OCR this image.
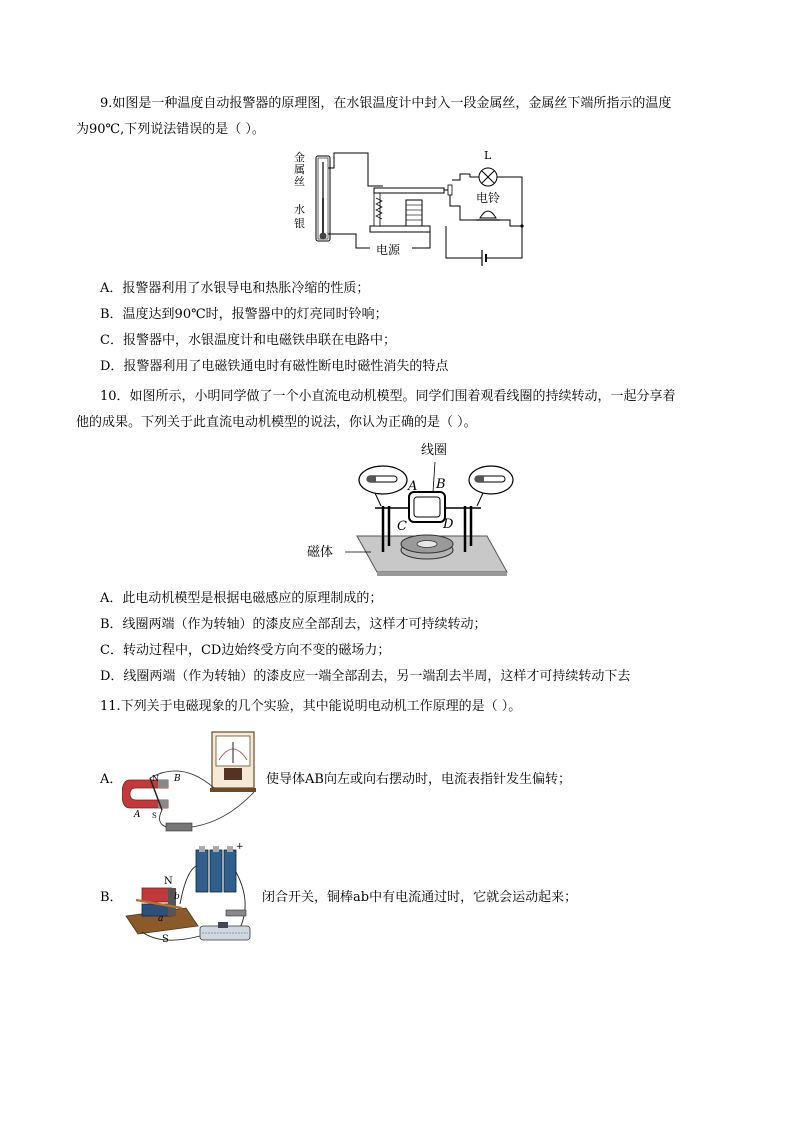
9.如图是一种温度自动报警器的原理图，在水银温度计中封入一段金属丝，金属丝下端所指示的温度
为90℃,下列说法错误的是（ ）。
金
属
丝
水
银
L
电铃
电源
A．报警器利用了水银导电和热胀冷缩的性质；
B．温度达到90℃时，报警器中的灯亮同时铃响；
C．报警器中，水银温度计和电磁铁串联在电路中；
D．报警器利用了电磁铁通电时有磁性断电时磁性消失的特点
10．如图所示，小明同学做了一个小直流电动机模型。同学们围着观看线圈的持续转动，一起分享着
他的成果。下列关于此直流电动机模型的说法，你认为正确的是（ ）。
线圈
A B
C	D
磁体
A．此电动机模型是根据电磁感应的原理制成的；
B．线圈两端（作为转轴）的漆皮应全部刮去，这样才可持续转动；
C．转动过程中，CD边始终受方向不变的磁场力；
D．线圈两端（作为转轴）的漆皮应一端全部刮去，另一端刮去半周，这样才可持续转动下去
11.下列关于电磁现象的几个实验，其中能说明电动机工作原理的是（ ）。
A．	N B
A S
使导体AB向左或向右摆动时，电流表指针发生偏转；
B．
N
S
b
a
+
闭合开关，铜棒ab中有电流通过时，它就会运动起来；
